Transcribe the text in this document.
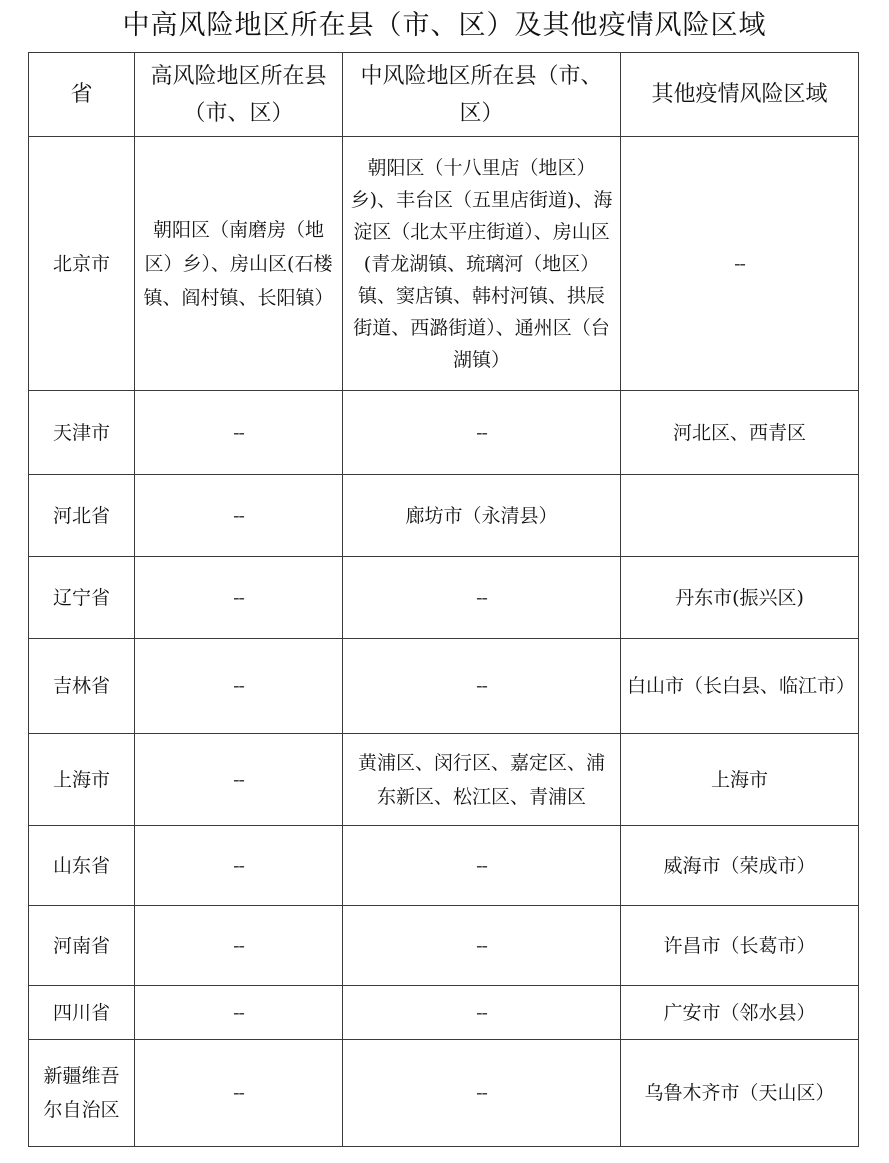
中高风险地区所在县（市、区）及其他疫情风险区域
省	高风险地区所在县（市、区）	中风险地区所在县（市、区）	其他疫情风险区域
北京市	朝阳区（南磨房（地区）乡）、房山区(石楼镇、阎村镇、长阳镇）	朝阳区（十八里店（地区）乡)、丰台区（五里店街道)、海淀区（北太平庄街道）、房山区(青龙湖镇、琉璃河（地区）镇、窦店镇、韩村河镇、拱辰街道、西潞街道）、通州区（台湖镇）	--
天津市	--	--	河北区、西青区
河北省	--	廊坊市（永清县）	
辽宁省	--	--	丹东市(振兴区)
吉林省	--	--	白山市（长白县、临江市）
上海市	--	黄浦区、闵行区、嘉定区、浦东新区、松江区、青浦区	上海市
山东省	--	--	威海市（荣成市）
河南省	--	--	许昌市（长葛市）
四川省	--	--	广安市（邻水县）
新疆维吾尔自治区	--	--	乌鲁木齐市（天山区）
